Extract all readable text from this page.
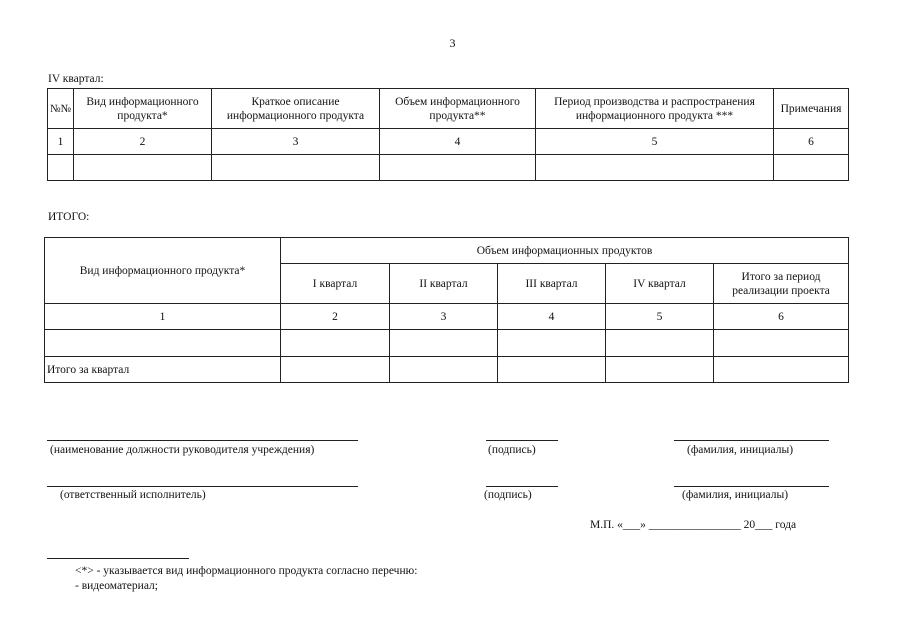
3
IV квартал:
№№	Вид информационного продукта*	Краткое описание информационного продукта	Объем информационного продукта**	Период производства и распространения информационного продукта ***	Примечания
1	2	3	4	5	6

ИТОГО:
Вид информационного продукта*	Объем информационных продуктов				
	I квартал	II квартал	III квартал	IV квартал	Итого за период реализации проекта
1	2	3	4	5	6

Итого за квартал					
(наименование должности руководителя учреждения)	(подпись)	(фамилия, инициалы)
(ответственный исполнитель)	(подпись)	(фамилия, инициалы)
М.П. «___» ________________ 20___ года
<*> - указывается вид информационного продукта согласно перечню:
- видеоматериал;
